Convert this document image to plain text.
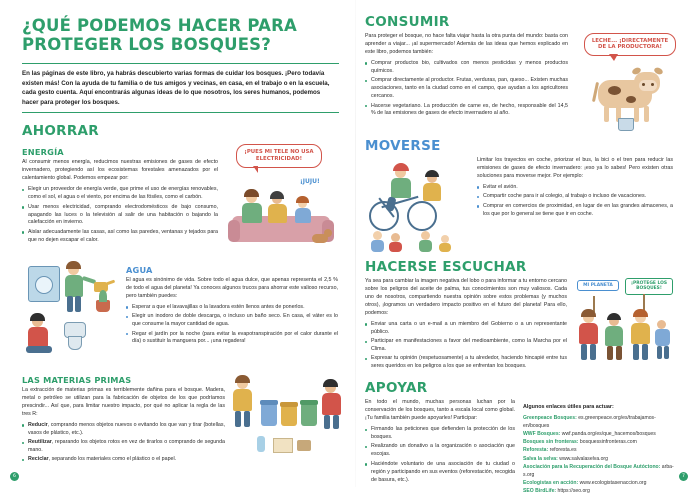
¿QUÉ PODEMOS HACER PARA PROTEGER LOS BOSQUES?
En las páginas de este libro, ya habrás descubierto varias formas de cuidar los bosques. ¡Pero todavía existen más! Con la ayuda de tu familia o de tus amigos y vecinas, en casa, en el trabajo o en la escuela, cada gesto cuenta. Aquí encontrarás algunas ideas de lo que nosotros, los seres humanos, podemos hacer para proteger los bosques.
AHORRAR
ENERGÍA

Al consumir menos energía, reducimos nuestras emisiones de gases de efecto invernadero, protegiendo así los ecosistemas forestales amenazados por el calentamiento global. Podemos empezar por:

Elegir un proveedor de energía verde, que prime el uso de energías renovables, como el sol, el agua o el viento, por encima de las fósiles, como el carbón.
Usar menos electricidad, comprando electrodomésticos de bajo consumo, apagando las luces o la televisión al salir de una habitación o bajando la calefacción en invierno.
Aislar adecuadamente las casas, así como las paredes, ventanas y tejados para que no dejen escapar el calor.
¡PUES MI TELE NO USA ELECTRICIDAD!
¡JUJU!
AGUA

El agua es sinónimo de vida. Sobre todo el agua dulce, que apenas representa el 2,5 % de todo el agua del planeta! Ya conoces algunos trucos para ahorrar este valioso recurso, pero también puedes:

Esperar a que el lavavajillas o la lavadora estén llenos antes de ponerlos.
Elegir un inodoro de doble descarga, o incluso un baño seco. En casa, el váter es lo que consume la mayor cantidad de agua.
Regar el jardín por la noche (para evitar la evapotranspiración por el calor durante el día) o sustituir la manguera por... ¡una regadera!
LAS MATERIAS PRIMAS

La extracción de materias primas es terriblemente dañina para el bosque. Madera, metal o petróleo se utilizan para la fabricación de objetos de los que podríamos prescindir... Así que, para limitar nuestro impacto, por qué no aplicar la regla de las tres R:

Reducir, comprando menos objetos nuevos o evitando los que van y tirar (botellas, vasos de plástico, etc.).
Reutilizar, reparando los objetos rotos en vez de tirarlos o comprando de segunda mano.
Reciclar, separando los materiales como el plástico o el papel.
6
CONSUMIR

Para proteger el bosque, no hace falta viajar hasta la otra punta del mundo: basta con aprender a viajar... ¡al supermercado! Además de las ideas que hemos explicado en este libro, podemos también:

Comprar productos bio, cultivados con menos pesticidas y menos productos químicos.
Comprar directamente al productor. Frutas, verduras, pan, queso... Existen muchas asociaciones, tanto en la ciudad como en el campo, que ayudan a los agricultores cercanos.
Hacerse vegetariano. La producción de carne es, de hecho, responsable del 14,5 % de las emisiones de gases de efecto invernadero al año.
LECHE... ¡DIRECTAMENTE DE LA PRODUCTORA!
MOVERSE

Limitar los trayectos en coche, priorizar el bus, la bici o el tren para reducir las emisiones de gases de efecto invernadero: ¡eso ya lo sabes! Pero existen otras soluciones para moverse mejor. Por ejemplo:

Evitar el avión.
Compartir coche para ir al colegio, al trabajo o incluso de vacaciones.
Comprar en comercios de proximidad, en lugar de en las grandes almacenes, a los que por lo general se tiene que ir en coche.
HACERSE ESCUCHAR

Ya sea para cambiar la imagen negativa del lobo o para informar a tu entorno cercano sobre los peligros del aceite de palma, tus conocimientos son muy valiosos. Cada uno de nosotros, compartiendo nuestra opinión sobre estos problemas (y muchos otros), ¡logramos un verdadero impacto positivo en el futuro del planeta! Para ello, podemos:

Enviar una carta o un e-mail a un miembro del Gobierno o a un representante público.
Participar en manifestaciones a favor del medioambiente, como la Marcha por el Clima.
Expresar tu opinión (respetuosamente) a tu alrededor, haciendo hincapié entre tus seres queridos en los peligros a los que se enfrentan los bosques.
MI PLANETA	¡PROTEGE LOS BOSQUES!
APOYAR

En todo el mundo, muchas personas luchan por la conservación de los bosques, tanto a escala local como global. ¡Tu familia también puede apoyarles! Participar:

Firmando las peticiones que defienden la protección de los bosques.
Realizando un donativo a la organización o asociación que escojas.
Haciéndote voluntario de una asociación de tu ciudad o región y participando en sus eventos (reforestación, recogida de basura, etc.).
Algunos enlaces útiles para actuar:
Greenpeace Bosques: es.greenpeace.org/es/trabajamos-en/bosques
WWF Bosques: wwf.panda.org/es/que_hacemos/bosques
Bosques sin fronteras: bosquessinfronteras.com
Reforesta: reforesta.es
Salva la selva: www.salvalaselva.org
Asociación para la Recuperación del Bosque Autóctono: arba-s.org
Ecologistas en acción: www.ecologistasenaccion.org
SEO BirdLife: https://seo.org
7
